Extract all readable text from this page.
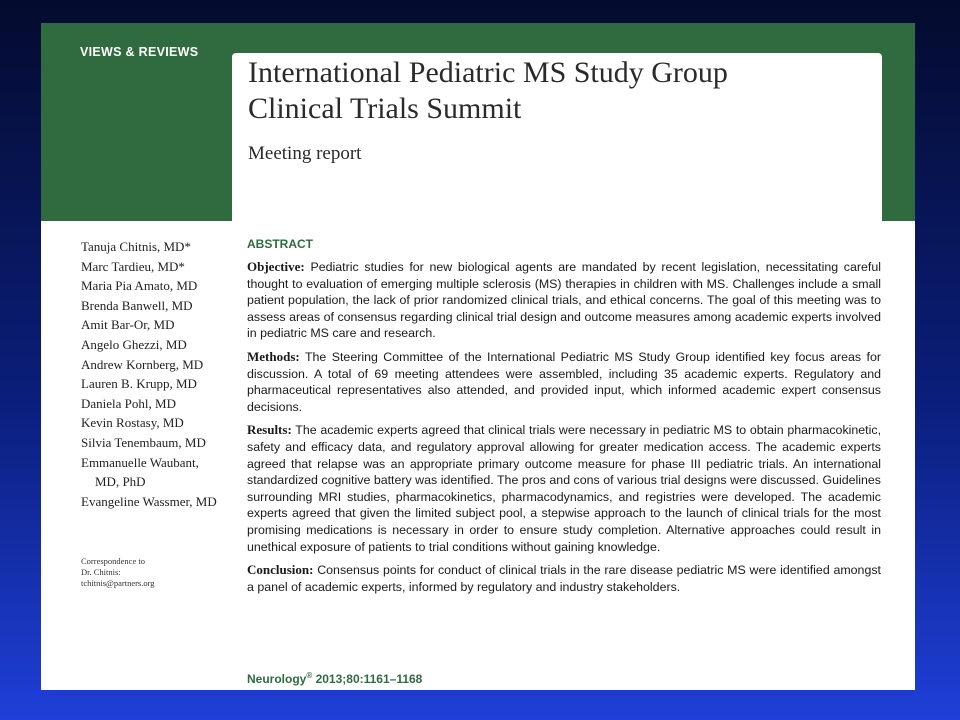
VIEWS & REVIEWS
International Pediatric MS Study Group
Clinical Trials Summit
Meeting report
Tanuja Chitnis, MD*
Marc Tardieu, MD*
Maria Pia Amato, MD
Brenda Banwell, MD
Amit Bar-Or, MD
Angelo Ghezzi, MD
Andrew Kornberg, MD
Lauren B. Krupp, MD
Daniela Pohl, MD
Kevin Rostasy, MD
Silvia Tenembaum, MD
Emmanuelle Waubant,
MD, PhD
Evangeline Wassmer, MD
Correspondence to
Dr. Chitnis:
tchitnis@partners.org
ABSTRACT

Objective: Pediatric studies for new biological agents are mandated by recent legislation, necessitating careful thought to evaluation of emerging multiple sclerosis (MS) therapies in children with MS. Challenges include a small patient population, the lack of prior randomized clinical trials, and ethical concerns. The goal of this meeting was to assess areas of consensus regarding clinical trial design and outcome measures among academic experts involved in pediatric MS care and research.

Methods: The Steering Committee of the International Pediatric MS Study Group identified key focus areas for discussion. A total of 69 meeting attendees were assembled, including 35 academic experts. Regulatory and pharmaceutical representatives also attended, and provided input, which informed academic expert consensus decisions.

Results: The academic experts agreed that clinical trials were necessary in pediatric MS to obtain pharmacokinetic, safety and efficacy data, and regulatory approval allowing for greater medication access. The academic experts agreed that relapse was an appropriate primary outcome measure for phase III pediatric trials. An international standardized cognitive battery was identified. The pros and cons of various trial designs were discussed. Guidelines surrounding MRI studies, pharmacokinetics, pharmacodynamics, and registries were developed. The academic experts agreed that given the limited subject pool, a stepwise approach to the launch of clinical trials for the most promising medications is necessary in order to ensure study completion. Alternative approaches could result in unethical exposure of patients to trial conditions without gaining knowledge.

Conclusion: Consensus points for conduct of clinical trials in the rare disease pediatric MS were identified amongst a panel of academic experts, informed by regulatory and industry stakeholders.

Neurology® 2013;80:1161–1168
